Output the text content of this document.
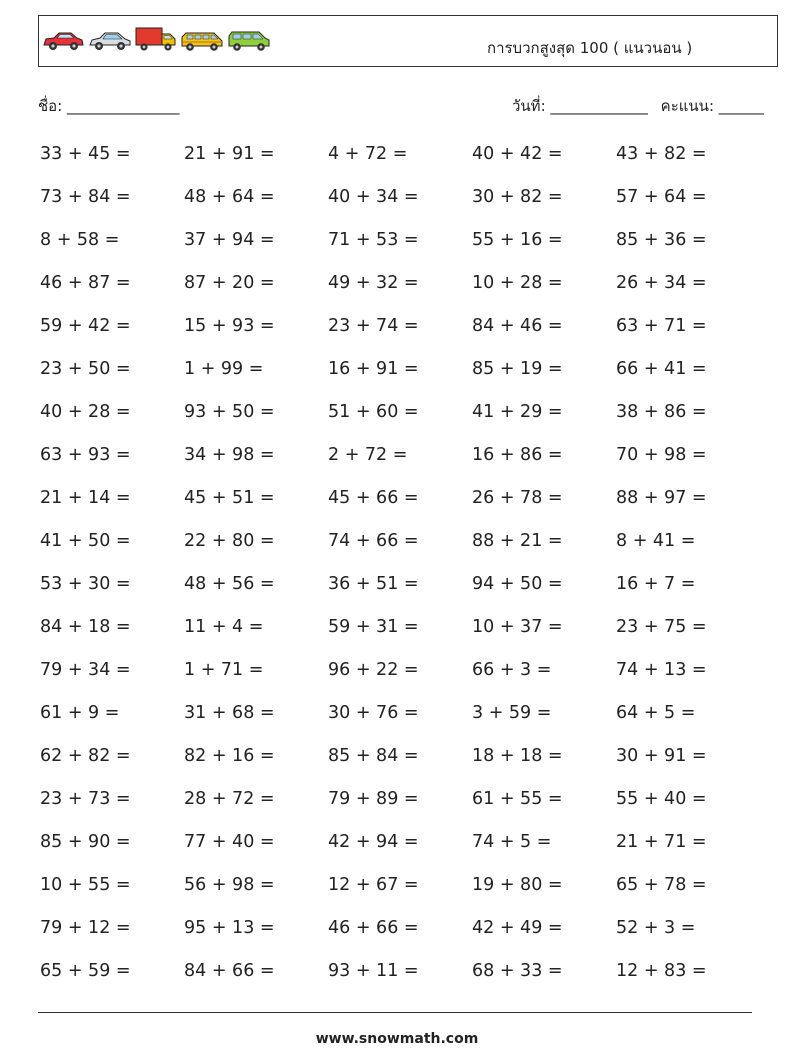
การบวกสูงสุด 100 ( แนวนอน )
ชื่อ: _______________	วันที่: _____________ คะแนน: ______
33 + 45 =	21 + 91 =	4 + 72 =	40 + 42 =	43 + 82 =
73 + 84 =	48 + 64 =	40 + 34 =	30 + 82 =	57 + 64 =
8 + 58 =	37 + 94 =	71 + 53 =	55 + 16 =	85 + 36 =
46 + 87 =	87 + 20 =	49 + 32 =	10 + 28 =	26 + 34 =
59 + 42 =	15 + 93 =	23 + 74 =	84 + 46 =	63 + 71 =
23 + 50 =	1 + 99 =	16 + 91 =	85 + 19 =	66 + 41 =
40 + 28 =	93 + 50 =	51 + 60 =	41 + 29 =	38 + 86 =
63 + 93 =	34 + 98 =	2 + 72 =	16 + 86 =	70 + 98 =
21 + 14 =	45 + 51 =	45 + 66 =	26 + 78 =	88 + 97 =
41 + 50 =	22 + 80 =	74 + 66 =	88 + 21 =	8 + 41 =
53 + 30 =	48 + 56 =	36 + 51 =	94 + 50 =	16 + 7 =
84 + 18 =	11 + 4 =	59 + 31 =	10 + 37 =	23 + 75 =
79 + 34 =	1 + 71 =	96 + 22 =	66 + 3 =	74 + 13 =
61 + 9 =	31 + 68 =	30 + 76 =	3 + 59 =	64 + 5 =
62 + 82 =	82 + 16 =	85 + 84 =	18 + 18 =	30 + 91 =
23 + 73 =	28 + 72 =	79 + 89 =	61 + 55 =	55 + 40 =
85 + 90 =	77 + 40 =	42 + 94 =	74 + 5 =	21 + 71 =
10 + 55 =	56 + 98 =	12 + 67 =	19 + 80 =	65 + 78 =
79 + 12 =	95 + 13 =	46 + 66 =	42 + 49 =	52 + 3 =
65 + 59 =	84 + 66 =	93 + 11 =	68 + 33 =	12 + 83 =
www.snowmath.com
